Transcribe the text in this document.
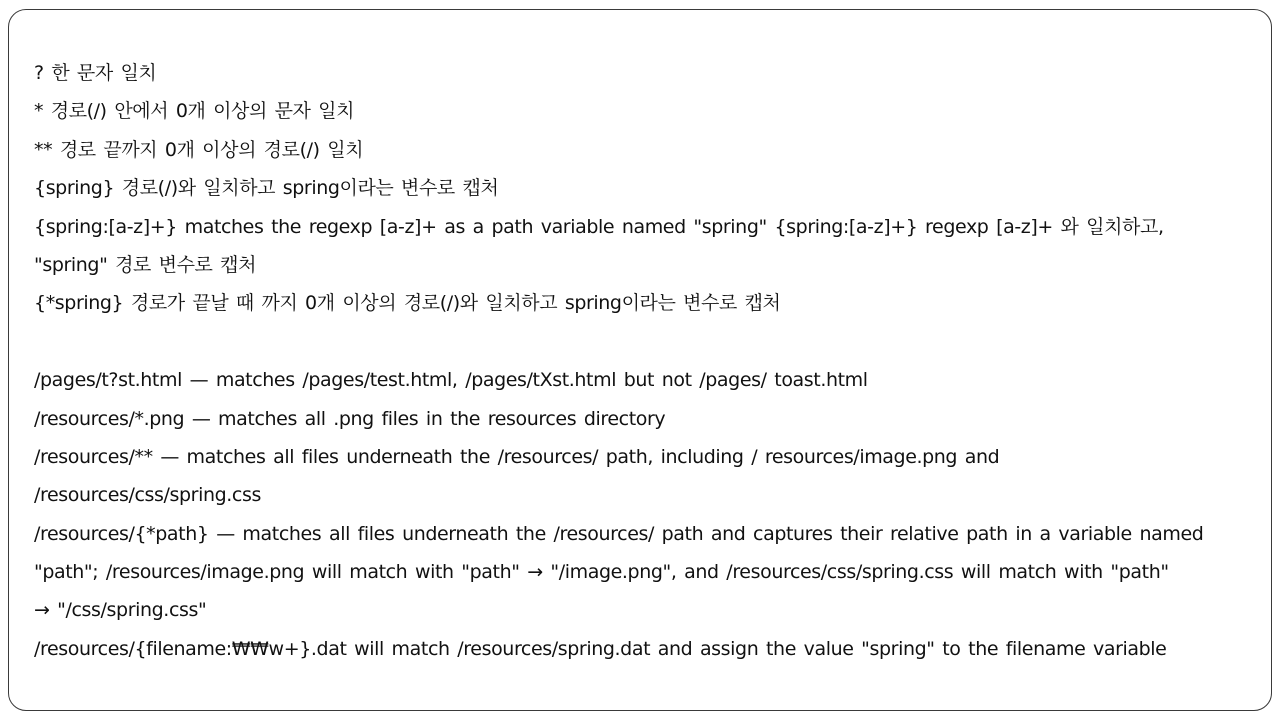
? 한 문자 일치
* 경로(/) 안에서 0개 이상의 문자 일치
** 경로 끝까지 0개 이상의 경로(/) 일치
{spring} 경로(/)와 일치하고 spring이라는 변수로 캡처
{spring:[a-z]+} matches the regexp [a-z]+ as a path variable named "spring" {spring:[a-z]+} regexp [a-z]+ 와 일치하고,
"spring" 경로 변수로 캡처
{*spring} 경로가 끝날 때 까지 0개 이상의 경로(/)와 일치하고 spring이라는 변수로 캡처
/pages/t?st.html — matches /pages/test.html, /pages/tXst.html but not /pages/ toast.html
/resources/*.png — matches all .png files in the resources directory
/resources/** — matches all files underneath the /resources/ path, including / resources/image.png and
/resources/css/spring.css
/resources/{*path} — matches all files underneath the /resources/ path and captures their relative path in a variable named
"path"; /resources/image.png will match with "path" → "/image.png", and /resources/css/spring.css will match with "path"
→ "/css/spring.css"
/resources/{filename:₩₩w+}.dat will match /resources/spring.dat and assign the value "spring" to the filename variable
